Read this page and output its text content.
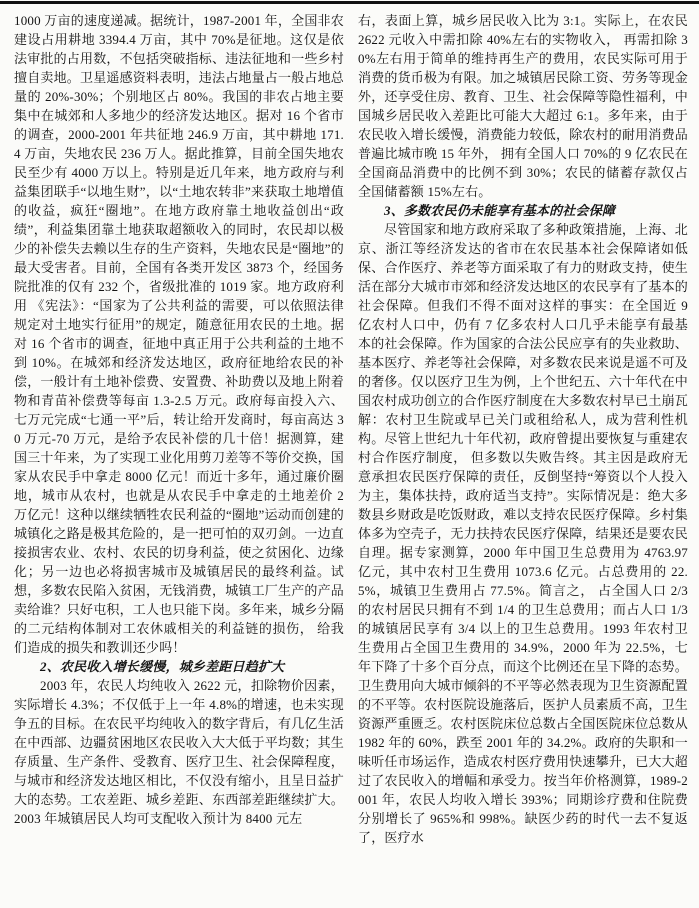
1000 万亩的速度递减。据统计，1987-2001 年，全国非农建设占用耕地 3394.4 万亩，其中 70%是征地。这仅是依法审批的占用数，不包括突破指标、违法征地和一些乡村擅自卖地。卫星遥感资料表明，违法占地量占一般占地总量的 20%-30%；个别地区占 80%。我国的非农占地主要集中在城郊和人多地少的经济发达地区。据对 16 个省市的调查，2000-2001 年共征地 246.9 万亩，其中耕地 171.4 万亩，失地农民 236 万人。据此推算，目前全国失地农民至少有 4000 万以上。特别是近几年来，地方政府与利益集团联手“以地生财”，以“土地农转非”来获取土地增值的收益，疯狂“圈地”。在地方政府靠土地收益创出“政绩”，利益集团靠土地获取超额收入的同时，农民却以极少的补偿失去赖以生存的生产资料，失地农民是“圈地”的最大受害者。目前，全国有各类开发区 3873 个，经国务院批准的仅有 232 个，省级批准的 1019 家。地方政府利用 《宪法》：“国家为了公共利益的需要，可以依照法律规定对土地实行征用”的规定，随意征用农民的土地。据对 16 个省市的调查，征地中真正用于公共利益的土地不到 10%。在城郊和经济发达地区，政府征地给农民的补偿，一般计有土地补偿费、安置费、补助费以及地上附着物和青苗补偿费等每亩 1.3-2.5 万元。政府每亩投入六、七万元完成“七通一平”后，转让给开发商时，每亩高达 30 万元-70 万元，是给予农民补偿的几十倍！据测算，建国三十年来，为了实现工业化用剪刀差等不等价交换，国家从农民手中拿走 8000 亿元！而近十多年，通过廉价圈地，城市从农村，也就是从农民手中拿走的土地差价 2 万亿元！这种以继续牺牲农民利益的“圈地”运动而创建的城镇化之路是极其危险的，是一把可怕的双刃剑。一边直接损害农业、农村、农民的切身利益，使之贫困化、边缘化；另一边也必将损害城市及城镇居民的最终利益。试想，多数农民陷入贫困，无钱消费，城镇工厂生产的产品卖给谁？只好屯积，工人也只能下岗。多年来，城乡分隔的二元结构体制对工农休戚相关的利益链的损伤， 给我们造成的损失和教训还少吗！

2、农民收入增长缓慢，城乡差距日趋扩大

2003 年，农民人均纯收入 2622 元，扣除物价因素，实际增长 4.3%；不仅低于上一年 4.8%的增速，也未实现争五的目标。在农民平均纯收入的数字背后，有几亿生活在中西部、边疆贫困地区农民收入大大低于平均数；其生存质量、生产条件、受教育、医疗卫生、社会保障程度，与城市和经济发达地区相比，不仅没有缩小，且呈日益扩大的态势。工农差距、城乡差距、东西部差距继续扩大。2003 年城镇居民人均可支配收入预计为 8400 元左

右，表面上算，城乡居民收入比为 3:1。实际上，在农民 2622 元收入中需扣除 40%左右的实物收入， 再需扣除 30%左右用于简单的维持再生产的费用，农民实际可用于消费的货币极为有限。加之城镇居民除工资、劳务等现金外，还享受住房、教育、卫生、社会保障等隐性福利，中国城乡居民收入差距比可能大大超过 6:1。多年来，由于农民收入增长缓慢，消费能力较低，除农村的耐用消费品普遍比城市晚 15 年外， 拥有全国人口 70%的 9 亿农民在全国商品消费中的比例不到 30%；农民的储蓄存款仅占全国储蓄额 15%左右。

3、多数农民仍未能享有基本的社会保障

尽管国家和地方政府采取了多种政策措施，上海、北京、浙江等经济发达的省市在农民基本社会保障诸如低保、合作医疗、养老等方面采取了有力的财政支持，使生活在部分大城市市郊和经济发达地区的农民享有了基本的社会保障。但我们不得不面对这样的事实：在全国近 9 亿农村人口中，仍有 7 亿多农村人口几乎未能享有最基本的社会保障。作为国家的合法公民应享有的失业救助、基本医疗、养老等社会保障，对多数农民来说是遥不可及的奢侈。仅以医疗卫生为例，上个世纪五、六十年代在中国农村成功创立的合作医疗制度在大多数农村早已土崩瓦解：农村卫生院或早已关门或租给私人，成为营利性机构。尽管上世纪九十年代初，政府曾提出要恢复与重建农村合作医疗制度， 但多数以失败告终。其主因是政府无意承担农民医疗保障的责任，反倒坚持“筹资以个人投入为主，集体扶持，政府适当支持”。实际情况是：绝大多数县乡财政是吃饭财政，难以支持农民医疗保障。乡村集体多为空壳子，无力扶持农民医疗保障，结果还是要农民自理。据专家测算，2000 年中国卫生总费用为 4763.97 亿元，其中农村卫生费用 1073.6 亿元。占总费用的 22.5%，城镇卫生费用占 77.5%。简言之， 占全国人口 2/3 的农村居民只拥有不到 1/4 的卫生总费用；而占人口 1/3 的城镇居民享有 3/4 以上的卫生总费用。1993 年农村卫生费用占全国卫生费用的 34.9%，2000 年为 22.5%，七年下降了十多个百分点，而这个比例还在呈下降的态势。卫生费用向大城市倾斜的不平等必然表现为卫生资源配置的不平等。农村医院设施落后，医护人员素质不高，卫生资源严重匮乏。农村医院床位总数占全国医院床位总数从 1982 年的 60%，跌至 2001 年的 34.2%。政府的失职和一味听任市场运作，造成农村医疗费用快速攀升，已大大超过了农民收入的增幅和承受力。按当年价格测算，1989-2001 年，农民人均收入增长 393%；同期诊疗费和住院费分别增长了 965%和 998%。缺医少药的时代一去不复返了，医疗水
